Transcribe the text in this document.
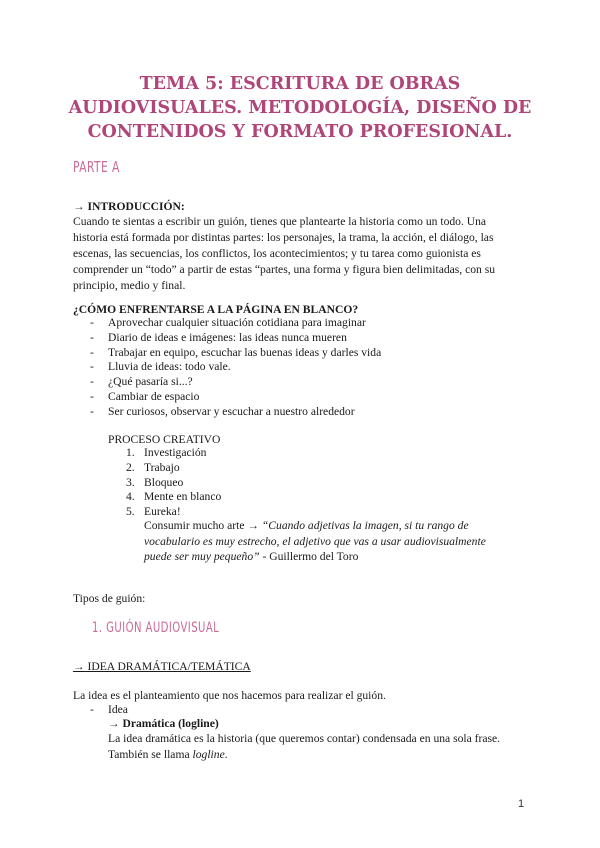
TEMA 5: ESCRITURA DE OBRAS
AUDIOVISUALES. METODOLOGÍA, DISEÑO DE
CONTENIDOS Y FORMATO PROFESIONAL.
PARTE A
→ INTRODUCCIÓN:
Cuando te sientas a escribir un guión, tienes que plantearte la historia como un todo. Una
historia está formada por distintas partes: los personajes, la trama, la acción, el diálogo, las
escenas, las secuencias, los conflictos, los acontecimientos; y tu tarea como guionista es
comprender un “todo” a partir de estas “partes, una forma y figura bien delimitadas, con su
principio, medio y final.
¿CÓMO ENFRENTARSE A LA PÁGINA EN BLANCO?
-	Aprovechar cualquier situación cotidiana para imaginar
-	Diario de ideas e imágenes: las ideas nunca mueren
-	Trabajar en equipo, escuchar las buenas ideas y darles vida
-	Lluvia de ideas: todo vale.
-	¿Qué pasaría si...?
-	Cambiar de espacio
-	Ser curiosos, observar y escuchar a nuestro alrededor
PROCESO CREATIVO
1. Investigación
2. Trabajo
3. Bloqueo
4. Mente en blanco
5. Eureka!
Consumir mucho arte → “Cuando adjetivas la imagen, si tu rango de
vocabulario es muy estrecho, el adjetivo que vas a usar audiovisualmente
puede ser muy pequeño” - Guillermo del Toro
Tipos de guión:
1. GUIÓN AUDIOVISUAL
→ IDEA DRAMÁTICA/TEMÁTICA
La idea es el planteamiento que nos hacemos para realizar el guión.
-	Idea
→ Dramática (logline)
La idea dramática es la historia (que queremos contar) condensada en una sola frase.
También se llama logline.
1
